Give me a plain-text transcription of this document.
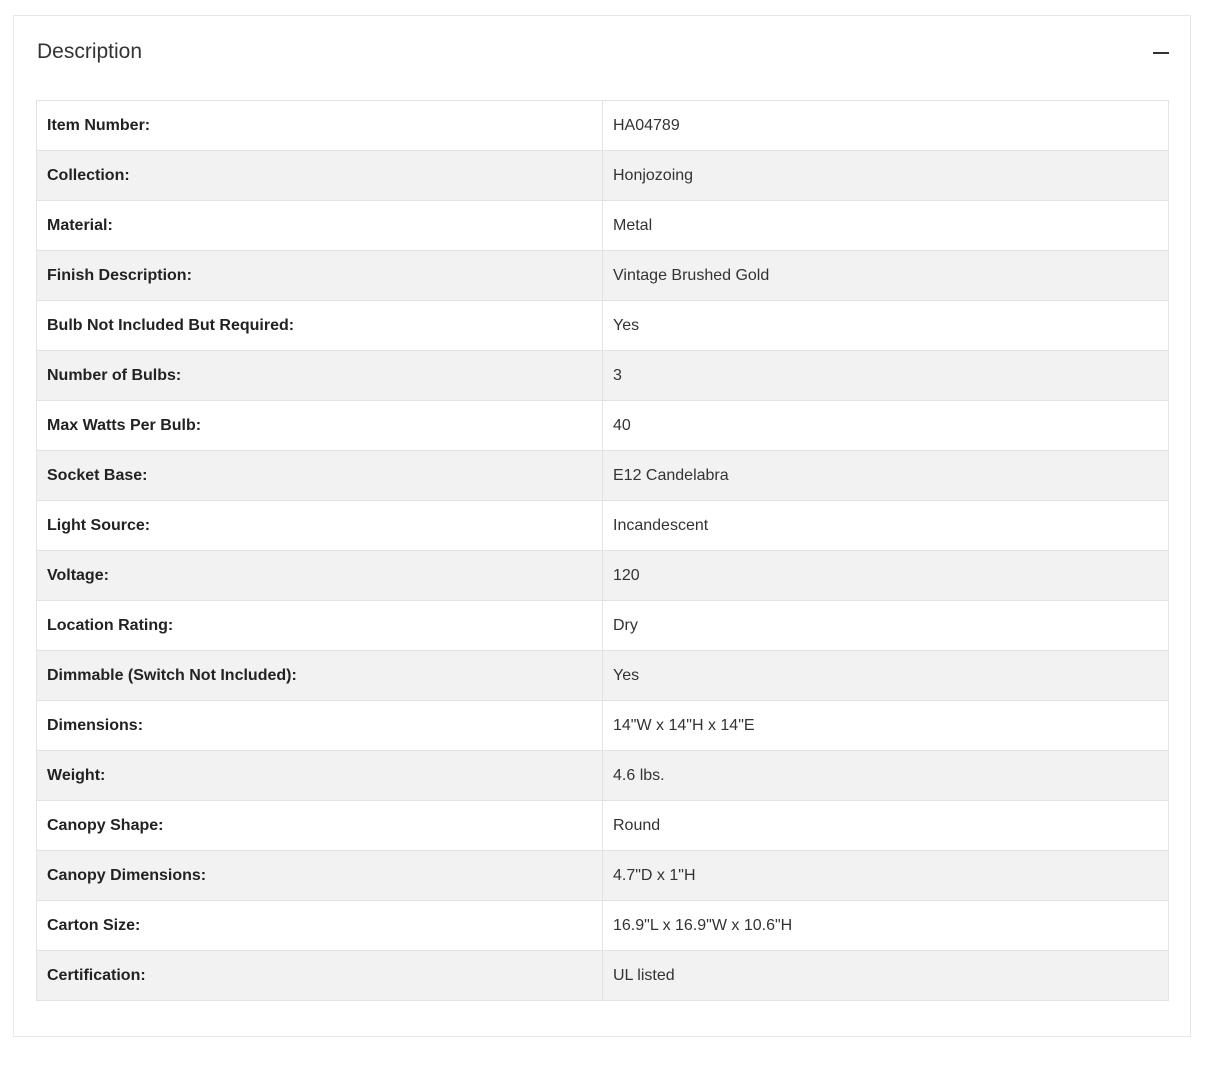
Description
Item Number:	HA04789
Collection:	Honjozoing
Material:	Metal
Finish Description:	Vintage Brushed Gold
Bulb Not Included But Required:	Yes
Number of Bulbs:	3
Max Watts Per Bulb:	40
Socket Base:	E12 Candelabra
Light Source:	Incandescent
Voltage:	120
Location Rating:	Dry
Dimmable (Switch Not Included):	Yes
Dimensions:	14"W x 14"H x 14"E
Weight:	4.6 lbs.
Canopy Shape:	Round
Canopy Dimensions:	4.7"D x 1"H
Carton Size:	16.9"L x 16.9"W x 10.6"H
Certification:	UL listed
